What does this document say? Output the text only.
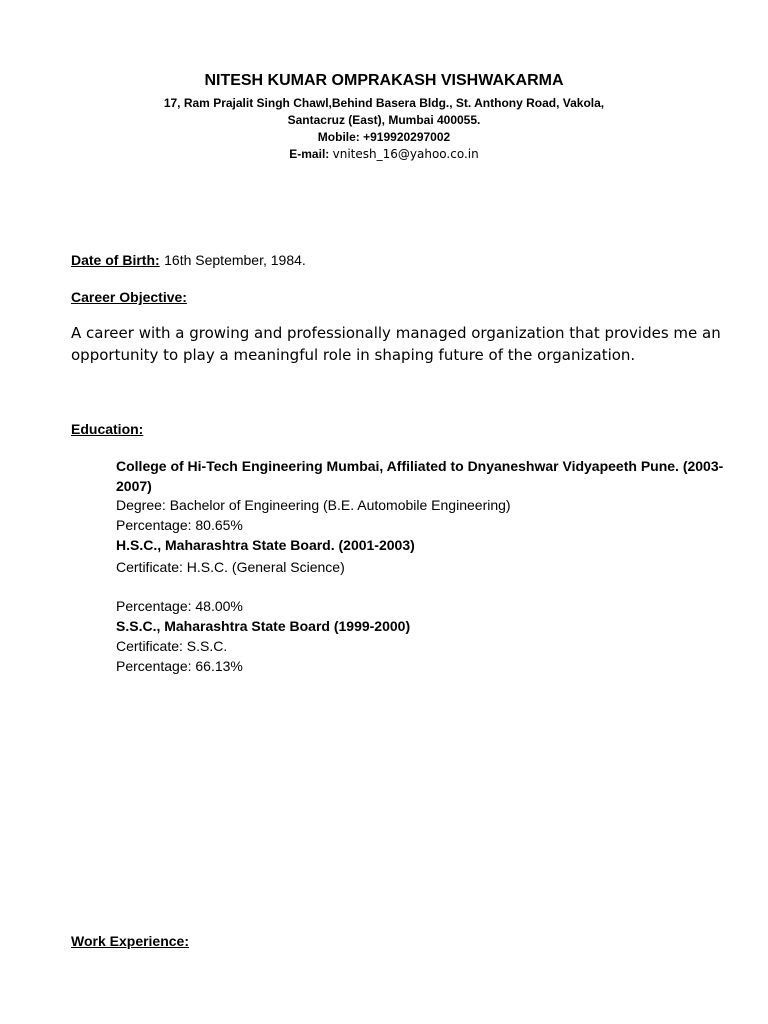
NITESH KUMAR OMPRAKASH VISHWAKARMA
17, Ram Prajalit Singh Chawl,Behind Basera Bldg., St. Anthony Road, Vakola,
Santacruz (East), Mumbai 400055.
Mobile: +919920297002
E-mail: vnitesh_16@yahoo.co.in
Date of Birth: 16th September, 1984.
Career Objective:
A career with a growing and professionally managed organization that provides me an opportunity to play a meaningful role in shaping future of the organization.
Education:
College of Hi-Tech Engineering Mumbai, Affiliated to Dnyaneshwar Vidyapeeth Pune. (2003-2007)
Degree: Bachelor of Engineering (B.E. Automobile Engineering)
Percentage: 80.65%
H.S.C., Maharashtra State Board. (2001-2003)
Certificate: H.S.C. (General Science)
Percentage: 48.00%
S.S.C., Maharashtra State Board (1999-2000)
Certificate: S.S.C.
Percentage: 66.13%
Work Experience:
